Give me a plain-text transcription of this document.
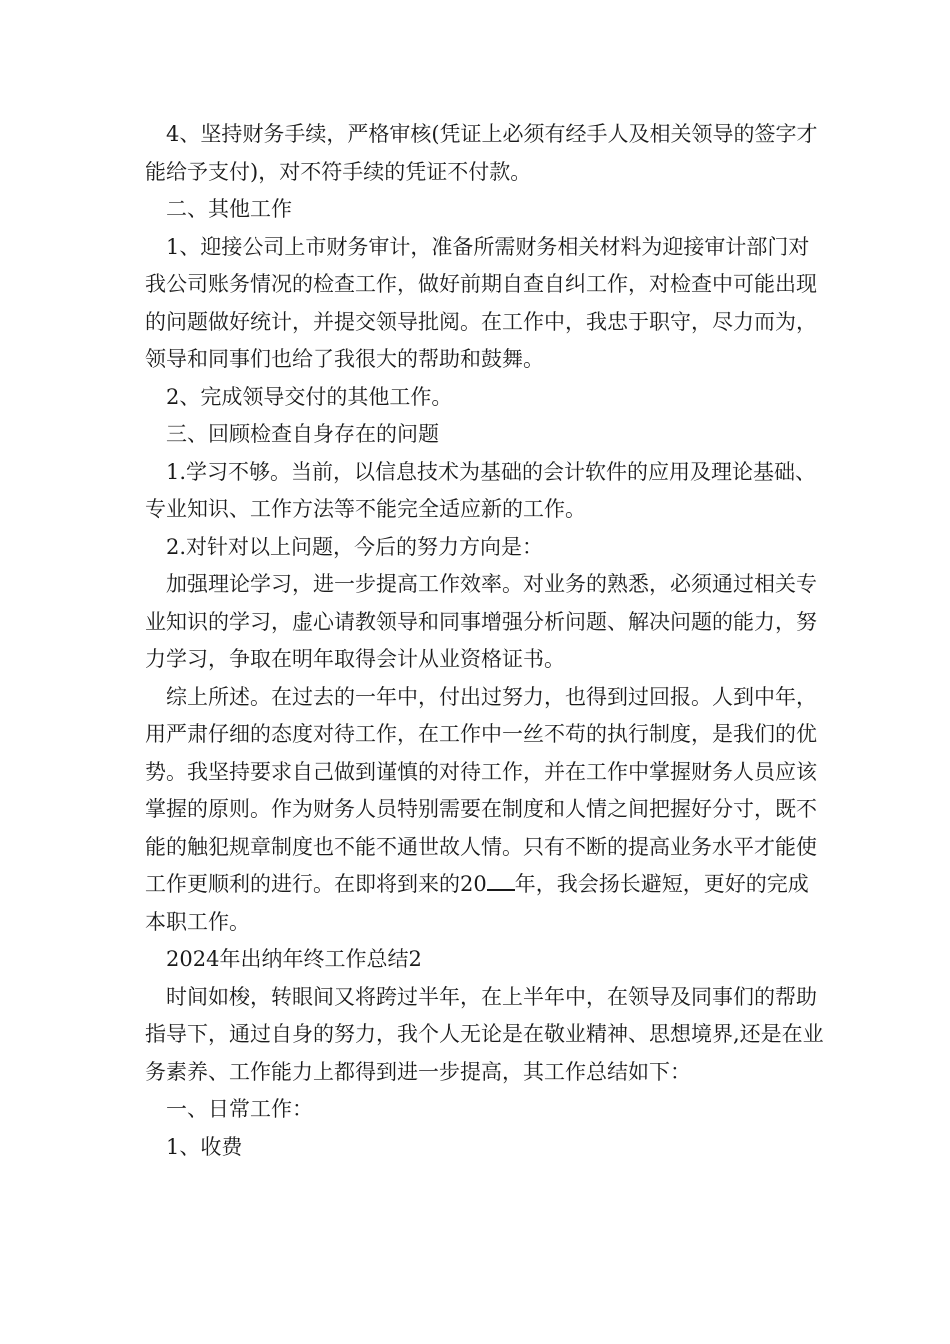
4、坚持财务手续，严格审核(凭证上必须有经手人及相关领导的签字才能给予支付)，对不符手续的凭证不付款。

二、其他工作

1、迎接公司上市财务审计，准备所需财务相关材料为迎接审计部门对我公司账务情况的检查工作，做好前期自查自纠工作，对检查中可能出现的问题做好统计，并提交领导批阅。在工作中，我忠于职守，尽力而为，领导和同事们也给了我很大的帮助和鼓舞。

2、完成领导交付的其他工作。

三、回顾检查自身存在的问题

1.学习不够。当前，以信息技术为基础的会计软件的应用及理论基础、专业知识、工作方法等不能完全适应新的工作。

2.对针对以上问题，今后的努力方向是：

加强理论学习，进一步提高工作效率。对业务的熟悉，必须通过相关专业知识的学习，虚心请教领导和同事增强分析问题、解决问题的能力，努力学习，争取在明年取得会计从业资格证书。

综上所述。在过去的一年中，付出过努力，也得到过回报。人到中年，用严肃仔细的态度对待工作，在工作中一丝不苟的执行制度，是我们的优势。我坚持要求自己做到谨慎的对待工作，并在工作中掌握财务人员应该掌握的原则。作为财务人员特别需要在制度和人情之间把握好分寸，既不能的触犯规章制度也不能不通世故人情。只有不断的提高业务水平才能使工作更顺利的进行。在即将到来的20 年，我会扬长避短，更好的完成本职工作。

2024年出纳年终工作总结2

时间如梭，转眼间又将跨过半年，在上半年中，在领导及同事们的帮助指导下，通过自身的努力，我个人无论是在敬业精神、思想境界,还是在业务素养、工作能力上都得到进一步提高，其工作总结如下：

一、日常工作：

1、收费
